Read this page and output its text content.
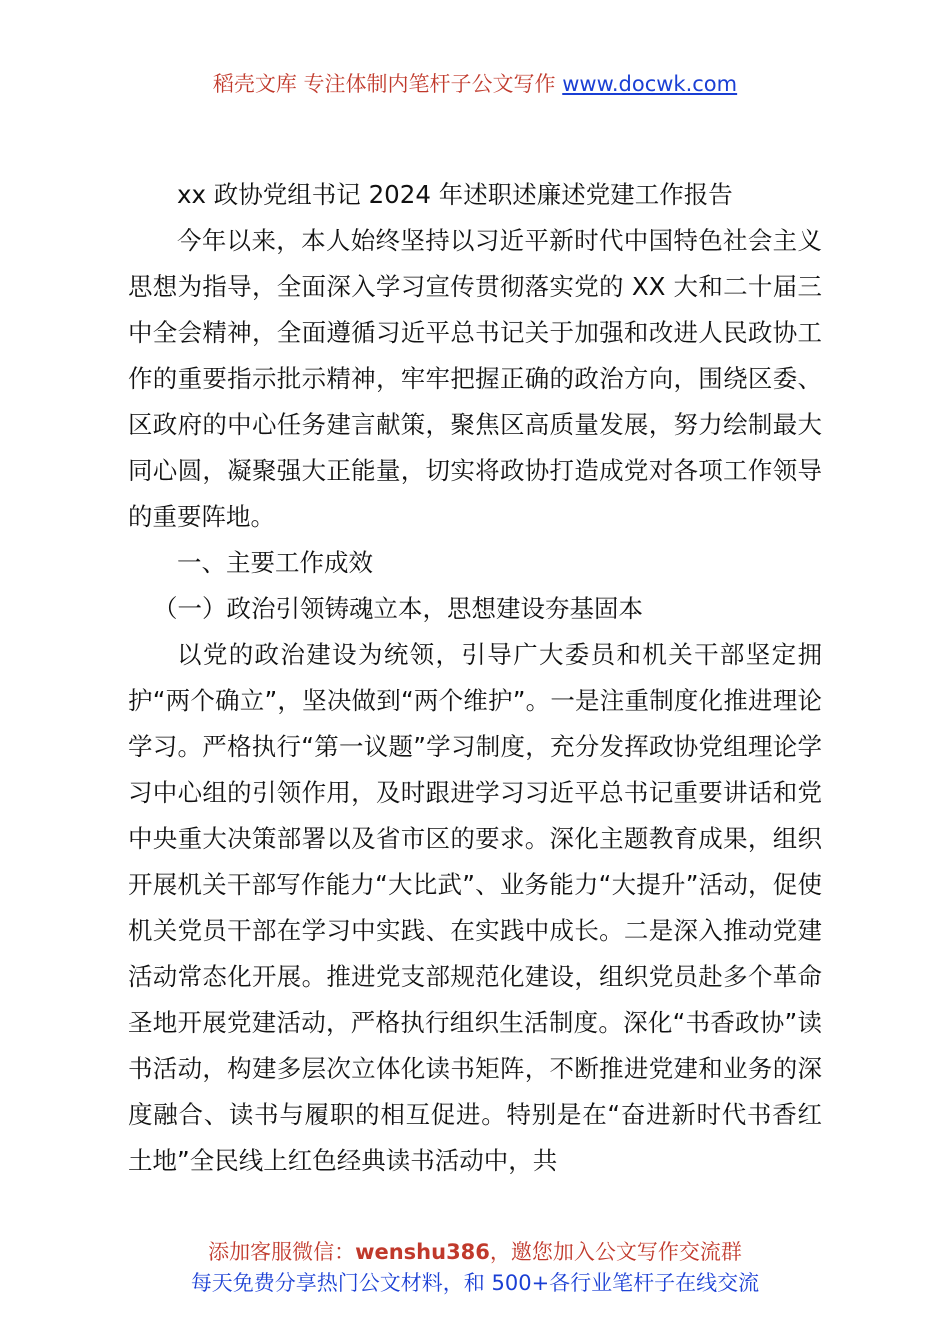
稻壳文库 专注体制内笔杆子公文写作 www.docwk.com

xx 政协党组书记 2024 年述职述廉述党建工作报告

今年以来，本人始终坚持以习近平新时代中国特色社会主义思想为指导，全面深入学习宣传贯彻落实党的 XX 大和二十届三中全会精神，全面遵循习近平总书记关于加强和改进人民政协工作的重要指示批示精神，牢牢把握正确的政治方向，围绕区委、区政府的中心任务建言献策，聚焦区高质量发展，努力绘制最大同心圆，凝聚强大正能量，切实将政协打造成党对各项工作领导的重要阵地。

一、主要工作成效

（一）政治引领铸魂立本，思想建设夯基固本

以党的政治建设为统领，引导广大委员和机关干部坚定拥护“两个确立”，坚决做到“两个维护”。一是注重制度化推进理论学习。严格执行“第一议题”学习制度，充分发挥政协党组理论学习中心组的引领作用，及时跟进学习习近平总书记重要讲话和党中央重大决策部署以及省市区的要求。深化主题教育成果，组织开展机关干部写作能力“大比武”、业务能力“大提升”活动，促使机关党员干部在学习中实践、在实践中成长。二是深入推动党建活动常态化开展。推进党支部规范化建设，组织党员赴多个革命圣地开展党建活动，严格执行组织生活制度。深化“书香政协”读书活动，构建多层次立体化读书矩阵，不断推进党建和业务的深度融合、读书与履职的相互促进。特别是在“奋进新时代书香红土地”全民线上红色经典读书活动中，共

添加客服微信：wenshu386，邀您加入公文写作交流群
每天免费分享热门公文材料，和 500+各行业笔杆子在线交流
